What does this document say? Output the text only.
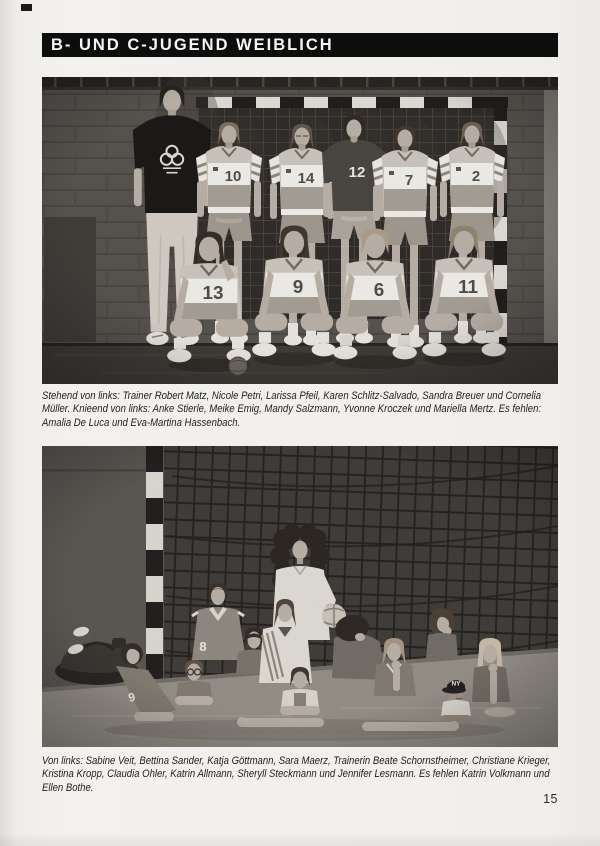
B- UND C-JUGEND WEIBLICH
Stehend von links: Trainer Robert Matz, Nicole Petri, Larissa Pfeil, Karen Schlitz-Salvado, Sandra Breuer und Cornelia
Müller. Knieend von links: Anke Stierle, Meike Emig, Mandy Salzmann, Yvonne Kroczek und Mariella Mertz. Es fehlen:
Amalia De Luca und Eva-Martina Hassenbach.
Von links: Sabine Veit, Bettina Sander, Katja Göttmann, Sara Maerz, Trainerin Beate Schornstheimer, Christiane Krieger,
Kristina Kropp, Claudia Ohler, Katrin Allmann, Sheryll Steckmann und Jennifer Lesmann. Es fehlen Katrin Volkmann und
Ellen Bothe.
15
